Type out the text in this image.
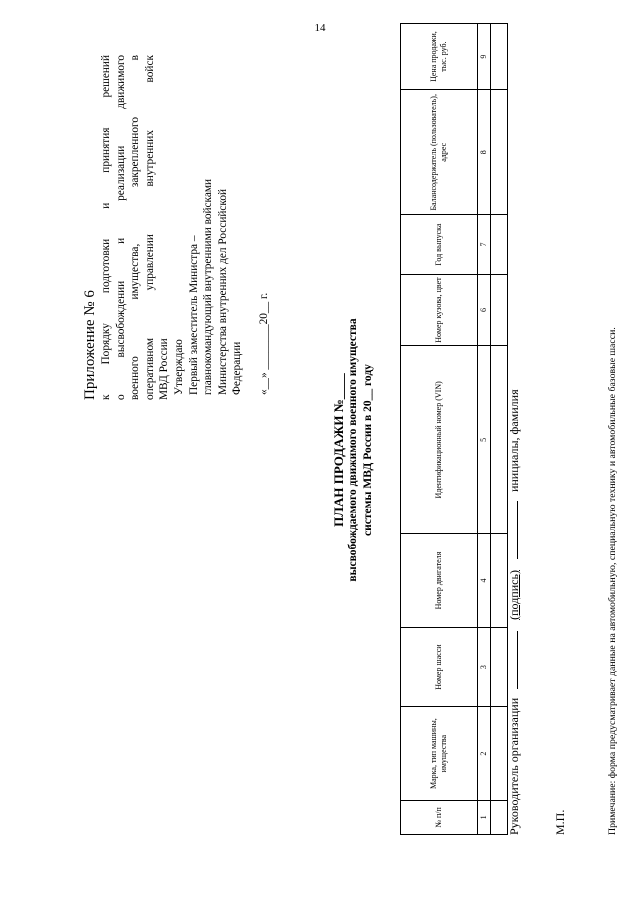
14
Приложение № 6 к Порядку подготовки и принятия решений о высвобождении и реализации движимого военного имущества, закрепленного в оперативном управлении внутренних войск МВД России Утверждаю Первый заместитель Министра – главнокомандующий внутренними войсками Министерства внутренних дел Российской Федерации «__» ________20__ г.
ПЛАН ПРОДАЖИ №____ высвобождаемого движимого военного имущества системы МВД России в 20__ году
№ п/п	Марка, тип машины, имущества	Номер шасси	Номер двигателя	Идентификационный номер (VIN)	Номер кузова, цвет	Год выпуска	Балансодержатель (пользователь), адрес	Цена продажи, тыс. руб.
1	2	3	4	5	6	7	8	9

Руководитель организации  (подпись)  инициалы, фамилия
М.П.	Примечание: форма предусматривает данные на автомобильную, специальную технику и автомобильные базовые шасси.
